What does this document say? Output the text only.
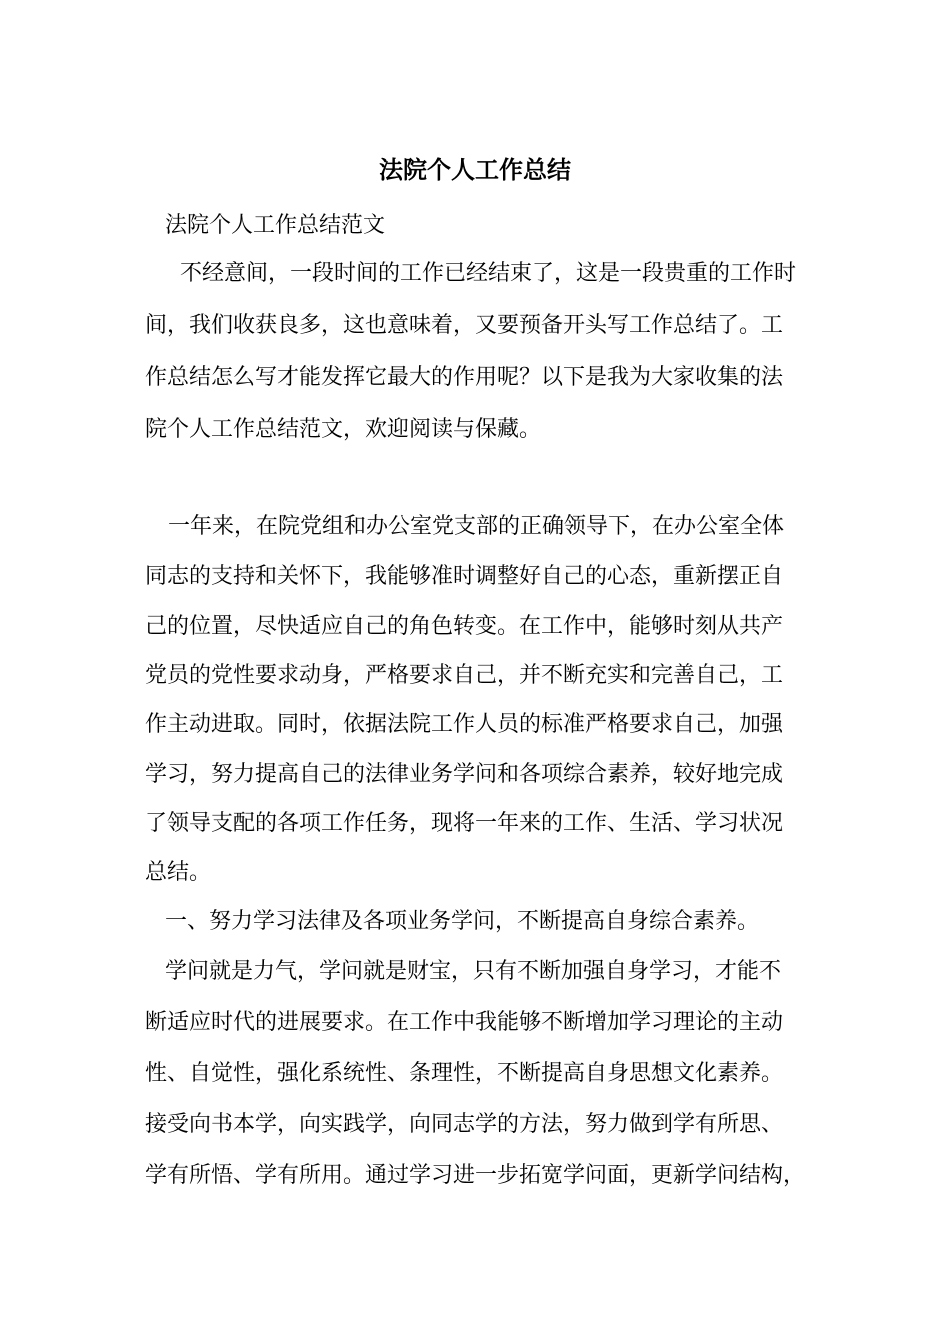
法院个人工作总结
法院个人工作总结范文
不经意间，一段时间的工作已经结束了，这是一段贵重的工作时
间，我们收获良多，这也意味着，又要预备开头写工作总结了。工
作总结怎么写才能发挥它最大的作用呢？以下是我为大家收集的法
院个人工作总结范文，欢迎阅读与保藏。
一年来，在院党组和办公室党支部的正确领导下，在办公室全体
同志的支持和关怀下，我能够准时调整好自己的心态，重新摆正自
己的位置，尽快适应自己的角色转变。在工作中，能够时刻从共产
党员的党性要求动身，严格要求自己，并不断充实和完善自己，工
作主动进取。同时，依据法院工作人员的标准严格要求自己，加强
学习，努力提高自己的法律业务学问和各项综合素养，较好地完成
了领导支配的各项工作任务，现将一年来的工作、生活、学习状况
总结。
一、努力学习法律及各项业务学问，不断提高自身综合素养。
学问就是力气，学问就是财宝，只有不断加强自身学习，才能不
断适应时代的进展要求。在工作中我能够不断增加学习理论的主动
性、自觉性，强化系统性、条理性，不断提高自身思想文化素养。
接受向书本学，向实践学，向同志学的方法，努力做到学有所思、
学有所悟、学有所用。通过学习进一步拓宽学问面，更新学问结构，
